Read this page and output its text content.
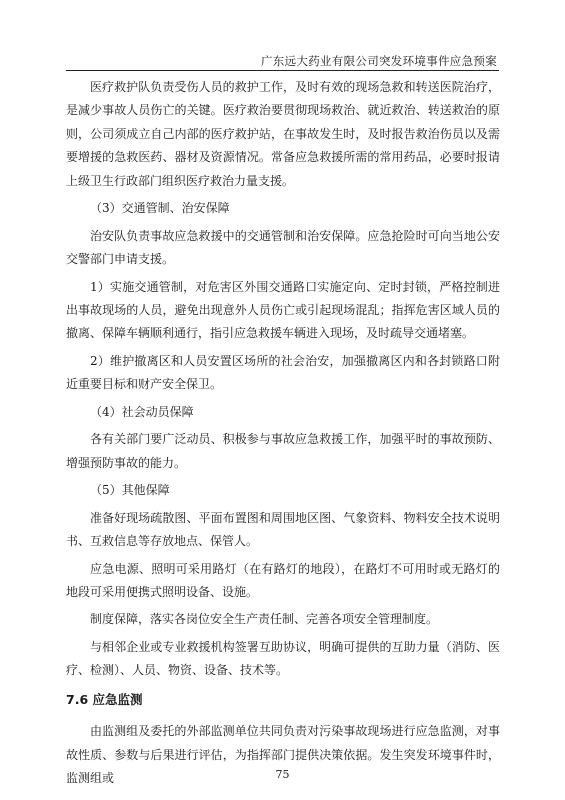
广东远大药业有限公司突发环境事件应急预案

医疗救护队负责受伤人员的救护工作，及时有效的现场急救和转送医院治疗，是减少事故人员伤亡的关键。医疗救治要贯彻现场救治、就近救治、转送救治的原则，公司须成立自己内部的医疗救护站，在事故发生时，及时报告救治伤员以及需要增援的急救医药、器材及资源情况。常备应急救援所需的常用药品，必要时报请上级卫生行政部门组织医疗救治力量支援。

（3）交通管制、治安保障

治安队负责事故应急救援中的交通管制和治安保障。应急抢险时可向当地公安交警部门申请支援。

1）实施交通管制，对危害区外围交通路口实施定向、定时封锁，严格控制进出事故现场的人员，避免出现意外人员伤亡或引起现场混乱；指挥危害区域人员的撤离、保障车辆顺利通行，指引应急救援车辆进入现场，及时疏导交通堵塞。

2）维护撤离区和人员安置区场所的社会治安，加强撤离区内和各封锁路口附近重要目标和财产安全保卫。

（4）社会动员保障

各有关部门要广泛动员、积极参与事故应急救援工作，加强平时的事故预防、增强预防事故的能力。

（5）其他保障

准备好现场疏散图、平面布置图和周围地区图、气象资料、物料安全技术说明书、互救信息等存放地点、保管人。

应急电源、照明可采用路灯（在有路灯的地段），在路灯不可用时或无路灯的地段可采用便携式照明设备、设施。

制度保障，落实各岗位安全生产责任制、完善各项安全管理制度。

与相邻企业或专业救援机构签署互助协议，明确可提供的互助力量（消防、医疗、检测）、人员、物资、设备、技术等。

7.6 应急监测

由监测组及委托的外部监测单位共同负责对污染事故现场进行应急监测，对事故性质、参数与后果进行评估，为指挥部门提供决策依据。发生突发环境事件时，监测组或	75
